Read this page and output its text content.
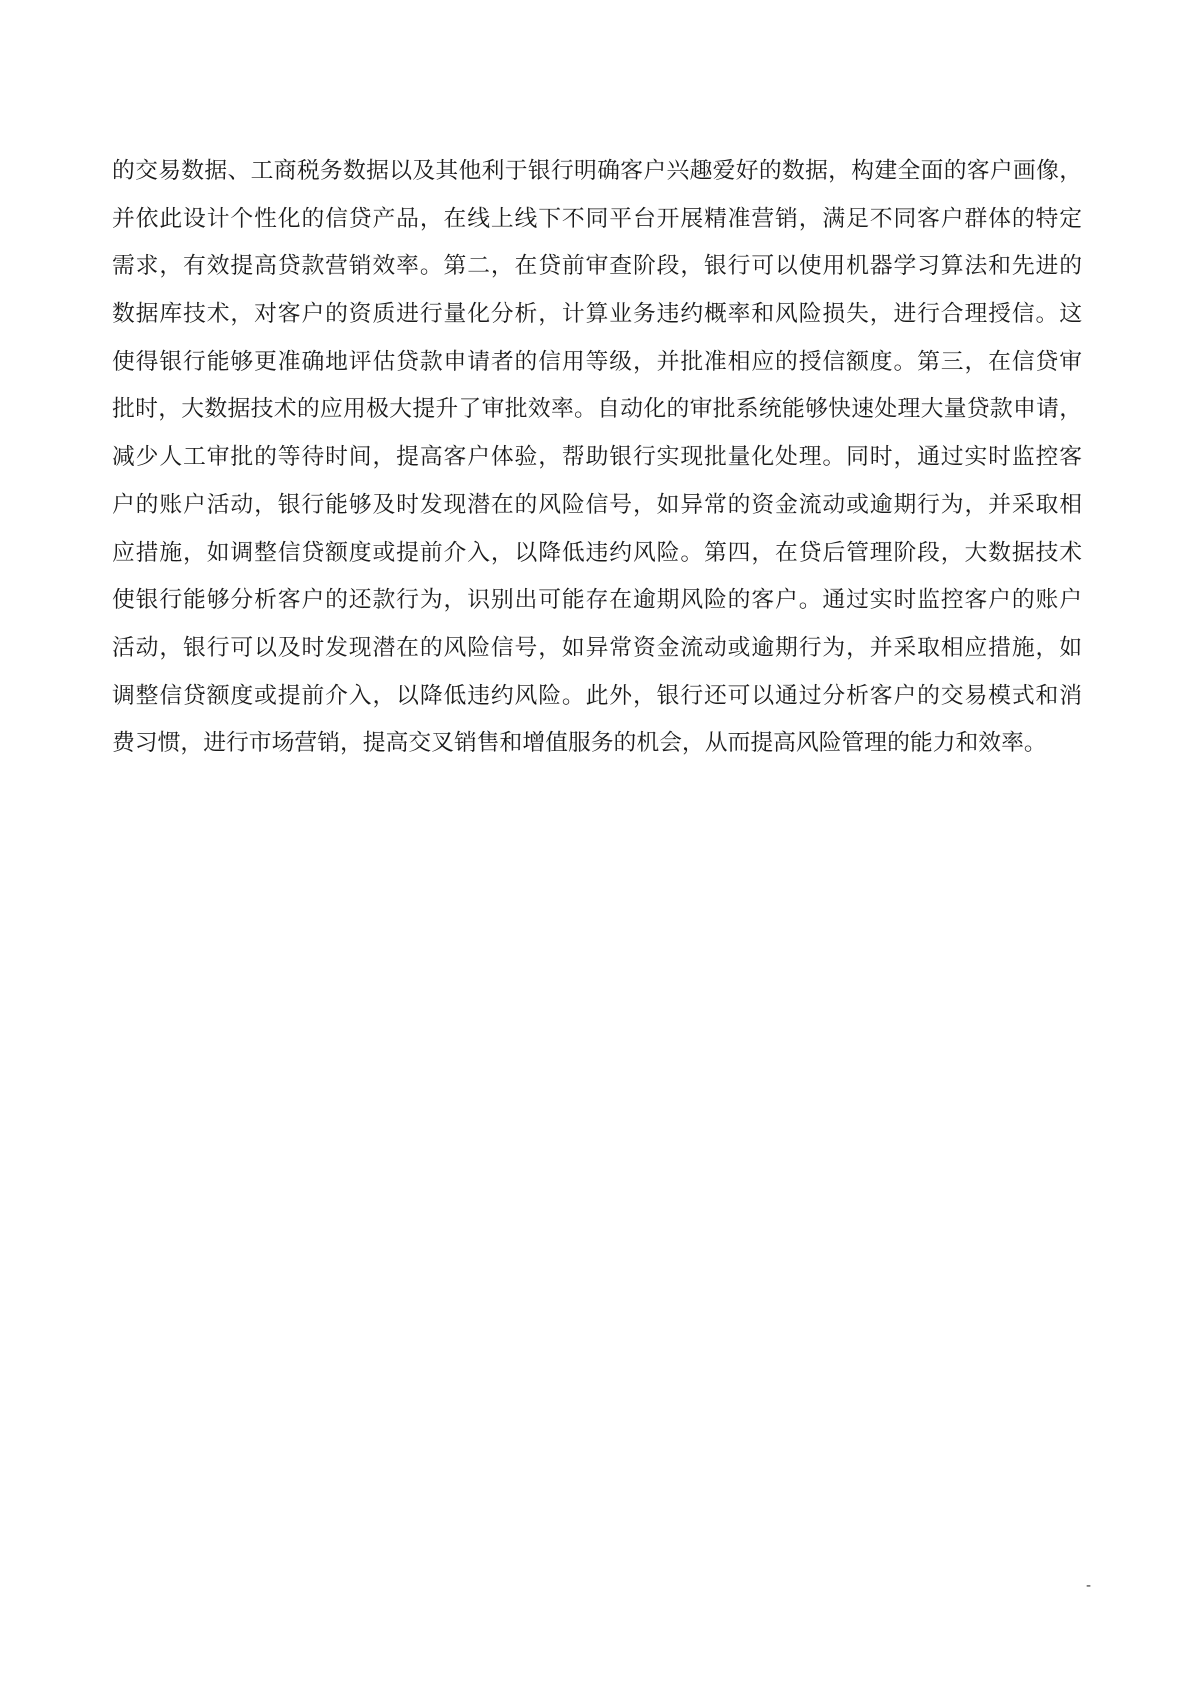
的交易数据、工商税务数据以及其他利于银行明确客户兴趣爱好的数据，构建全面的客户画像，
并依此设计个性化的信贷产品，在线上线下不同平台开展精准营销，满足不同客户群体的特定
需求，有效提高贷款营销效率。第二，在贷前审查阶段，银行可以使用机器学习算法和先进的
数据库技术，对客户的资质进行量化分析，计算业务违约概率和风险损失，进行合理授信。这
使得银行能够更准确地评估贷款申请者的信用等级，并批准相应的授信额度。第三，在信贷审
批时，大数据技术的应用极大提升了审批效率。自动化的审批系统能够快速处理大量贷款申请，
减少人工审批的等待时间，提高客户体验，帮助银行实现批量化处理。同时，通过实时监控客
户的账户活动，银行能够及时发现潜在的风险信号，如异常的资金流动或逾期行为，并采取相
应措施，如调整信贷额度或提前介入，以降低违约风险。第四，在贷后管理阶段，大数据技术
使银行能够分析客户的还款行为，识别出可能存在逾期风险的客户。通过实时监控客户的账户
活动，银行可以及时发现潜在的风险信号，如异常资金流动或逾期行为，并采取相应措施，如
调整信贷额度或提前介入，以降低违约风险。此外，银行还可以通过分析客户的交易模式和消
费习惯，进行市场营销，提高交叉销售和增值服务的机会，从而提高风险管理的能力和效率。
-
